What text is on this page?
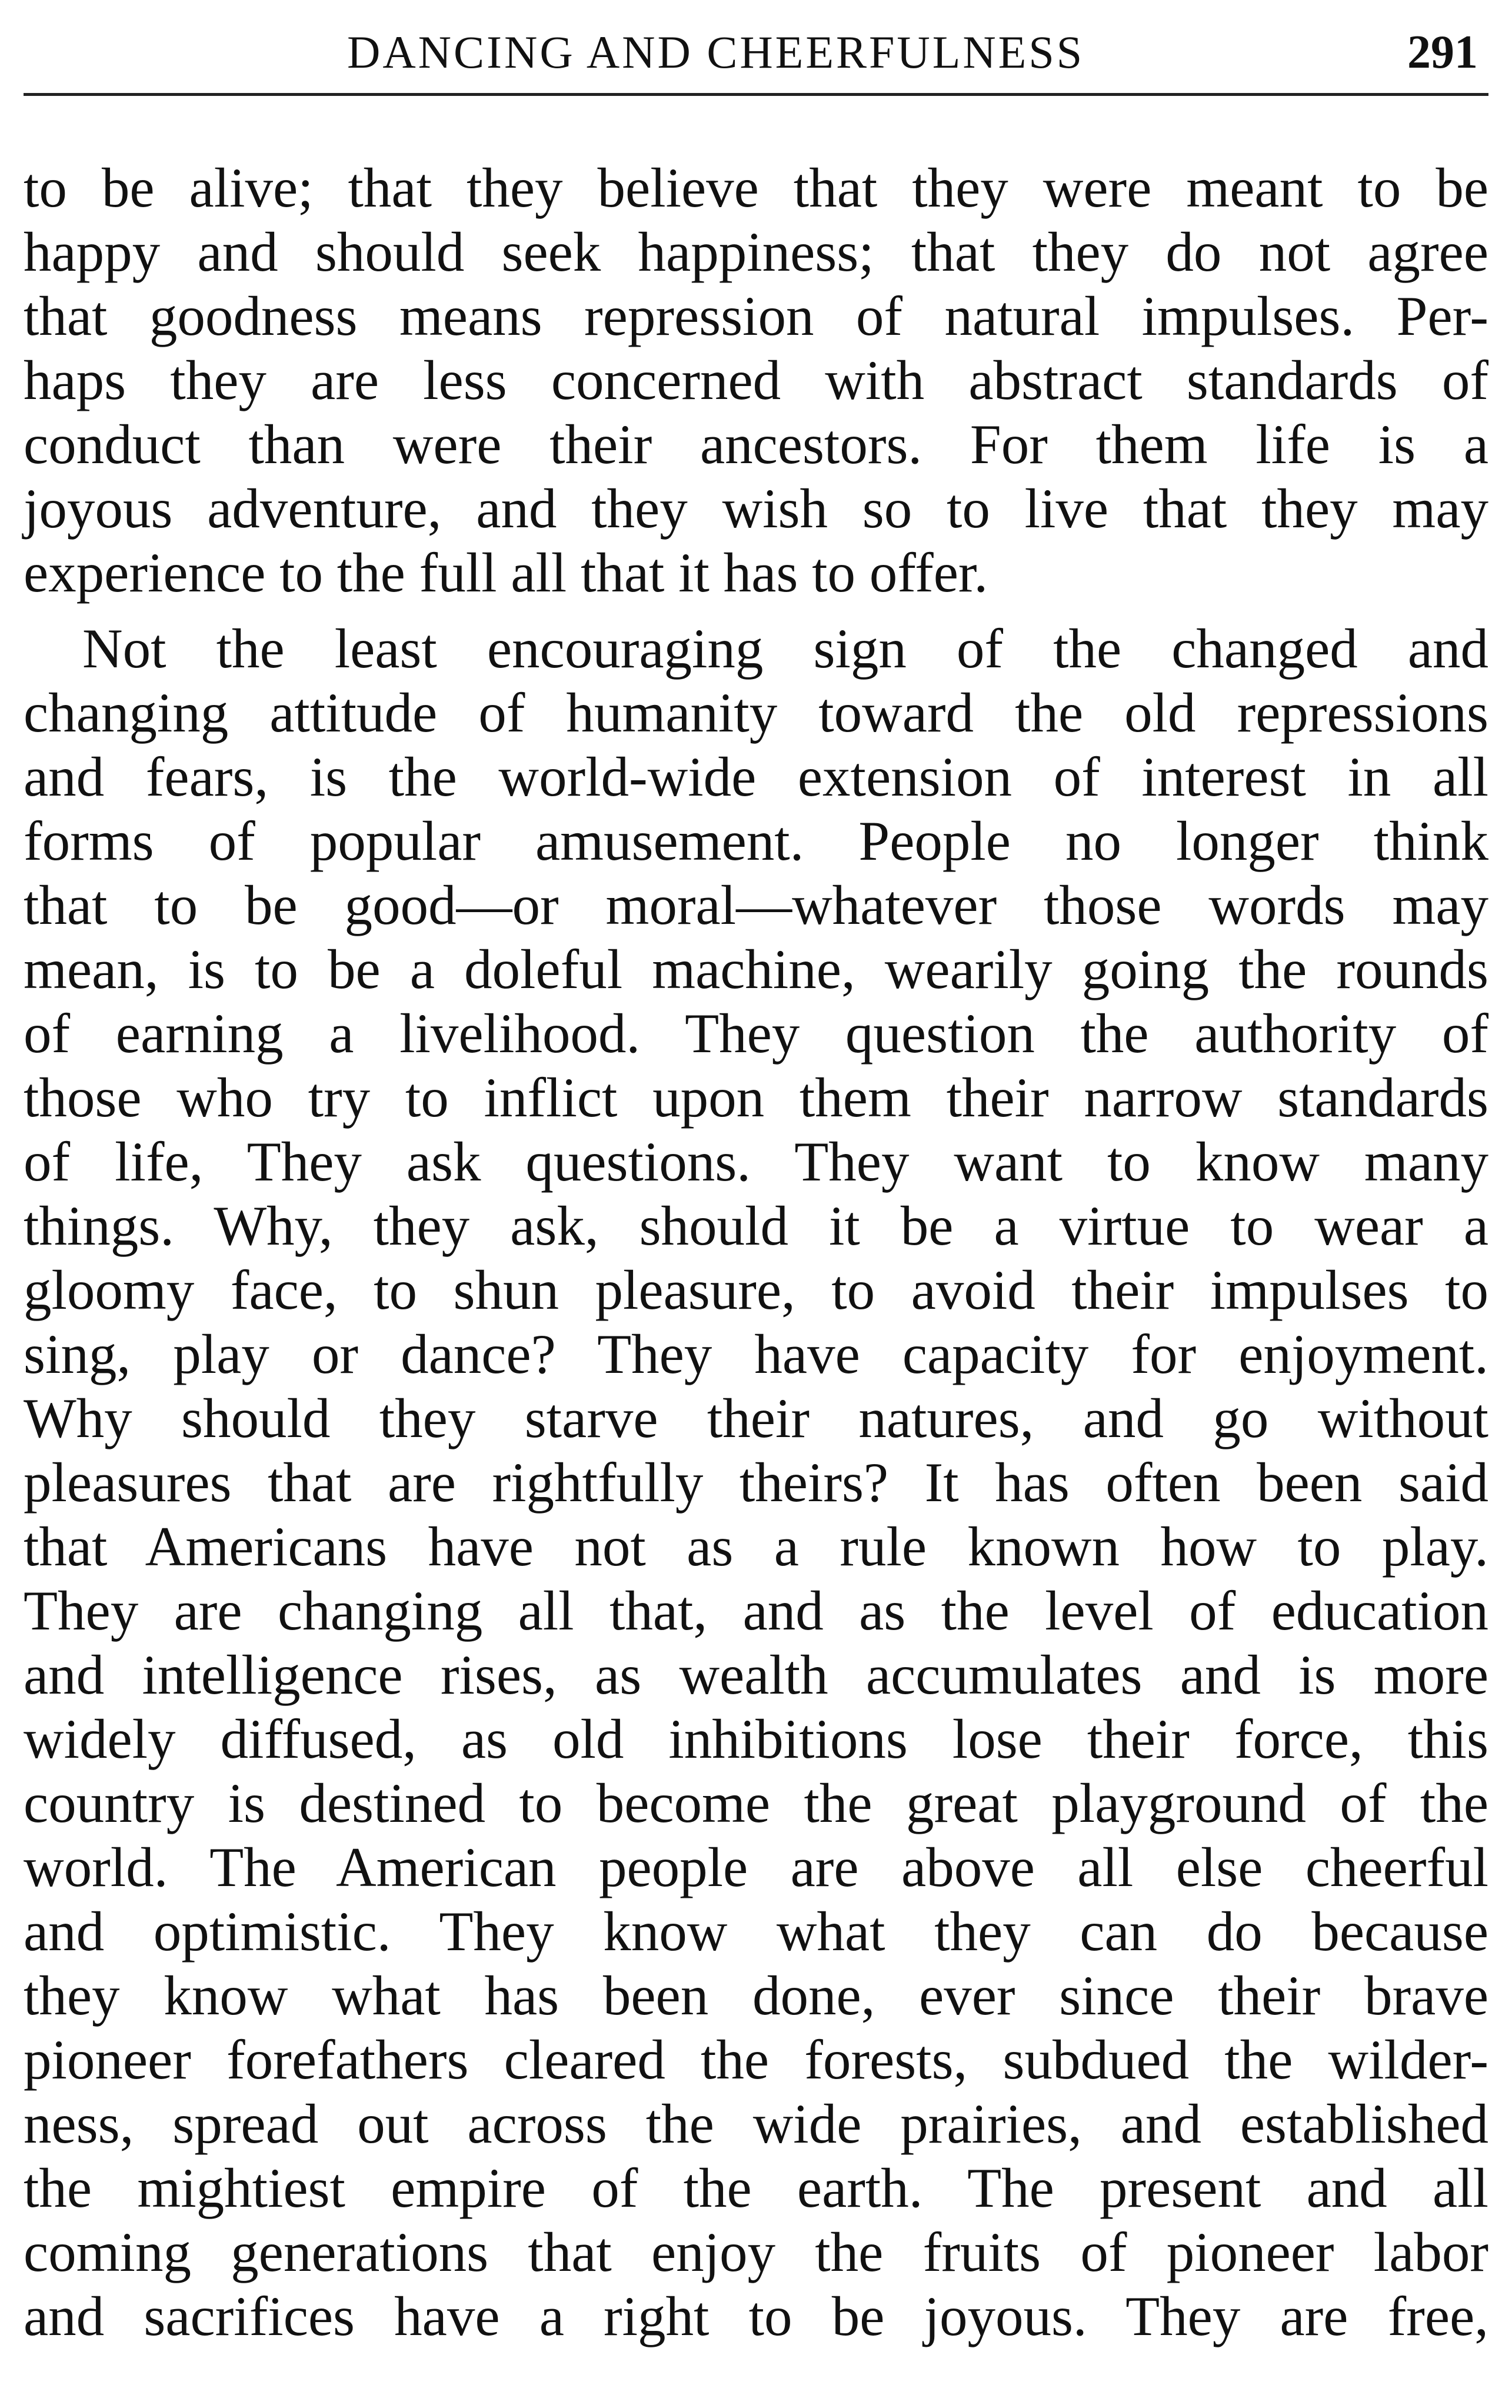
DANCING AND CHEERFULNESS	291
to be alive; that they believe that they were meant to be
happy and should seek happiness; that they do not agree
that goodness means repression of natural impulses. Per-
haps they are less concerned with abstract standards of
conduct than were their ancestors. For them life is a
joyous adventure, and they wish so to live that they may
experience to the full all that it has to offer.
Not the least encouraging sign of the changed and
changing attitude of humanity toward the old repressions
and fears, is the world-wide extension of interest in all
forms of popular amusement. People no longer think
that to be good—or moral—whatever those words may
mean, is to be a doleful machine, wearily going the rounds
of earning a livelihood. They question the authority of
those who try to inflict upon them their narrow standards
of life, They ask questions. They want to know many
things. Why, they ask, should it be a virtue to wear a
gloomy face, to shun pleasure, to avoid their impulses to
sing, play or dance? They have capacity for enjoyment.
Why should they starve their natures, and go without
pleasures that are rightfully theirs? It has often been said
that Americans have not as a rule known how to play.
They are changing all that, and as the level of education
and intelligence rises, as wealth accumulates and is more
widely diffused, as old inhibitions lose their force, this
country is destined to become the great playground of the
world. The American people are above all else cheerful
and optimistic. They know what they can do because
they know what has been done, ever since their brave
pioneer forefathers cleared the forests, subdued the wilder-
ness, spread out across the wide prairies, and established
the mightiest empire of the earth. The present and all
coming generations that enjoy the fruits of pioneer labor
and sacrifices have a right to be joyous. They are free,
